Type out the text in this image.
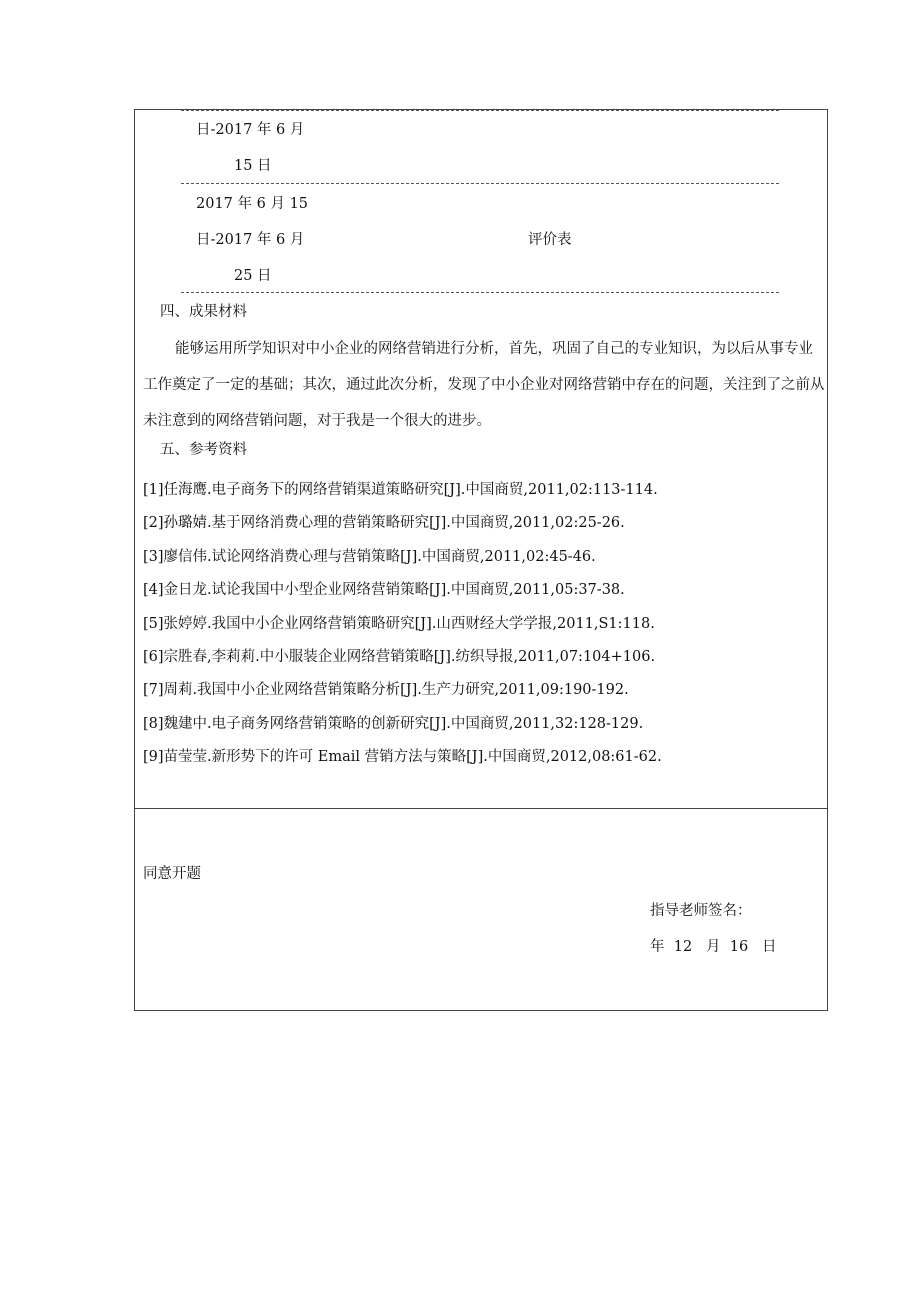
日-2017 年 6 月
15 日
2017 年 6 月 15
日-2017 年 6 月	评价表
25 日
四、成果材料
能够运用所学知识对中小企业的网络营销进行分析，首先，巩固了自己的专业知识，为以后从事专业工作奠定了一定的基础；其次，通过此次分析，发现了中小企业对网络营销中存在的问题，关注到了之前从未注意到的网络营销问题，对于我是一个很大的进步。
五、参考资料
[1]任海鹰.电子商务下的网络营销渠道策略研究[J].中国商贸,2011,02:113-114.
[2]孙璐婧.基于网络消费心理的营销策略研究[J].中国商贸,2011,02:25-26.
[3]廖信伟.试论网络消费心理与营销策略[J].中国商贸,2011,02:45-46.
[4]金日龙.试论我国中小型企业网络营销策略[J].中国商贸,2011,05:37-38.
[5]张婷婷.我国中小企业网络营销策略研究[J].山西财经大学学报,2011,S1:118.
[6]宗胜春,李莉莉.中小服装企业网络营销策略[J].纺织导报,2011,07:104+106.
[7]周莉.我国中小企业网络营销策略分析[J].生产力研究,2011,09:190-192.
[8]魏建中.电子商务网络营销策略的创新研究[J].中国商贸,2011,32:128-129.
[9]苗莹莹.新形势下的许可 Email 营销方法与策略[J].中国商贸,2012,08:61-62.
同意开题
指导老师签名：
年  12   月  16   日
